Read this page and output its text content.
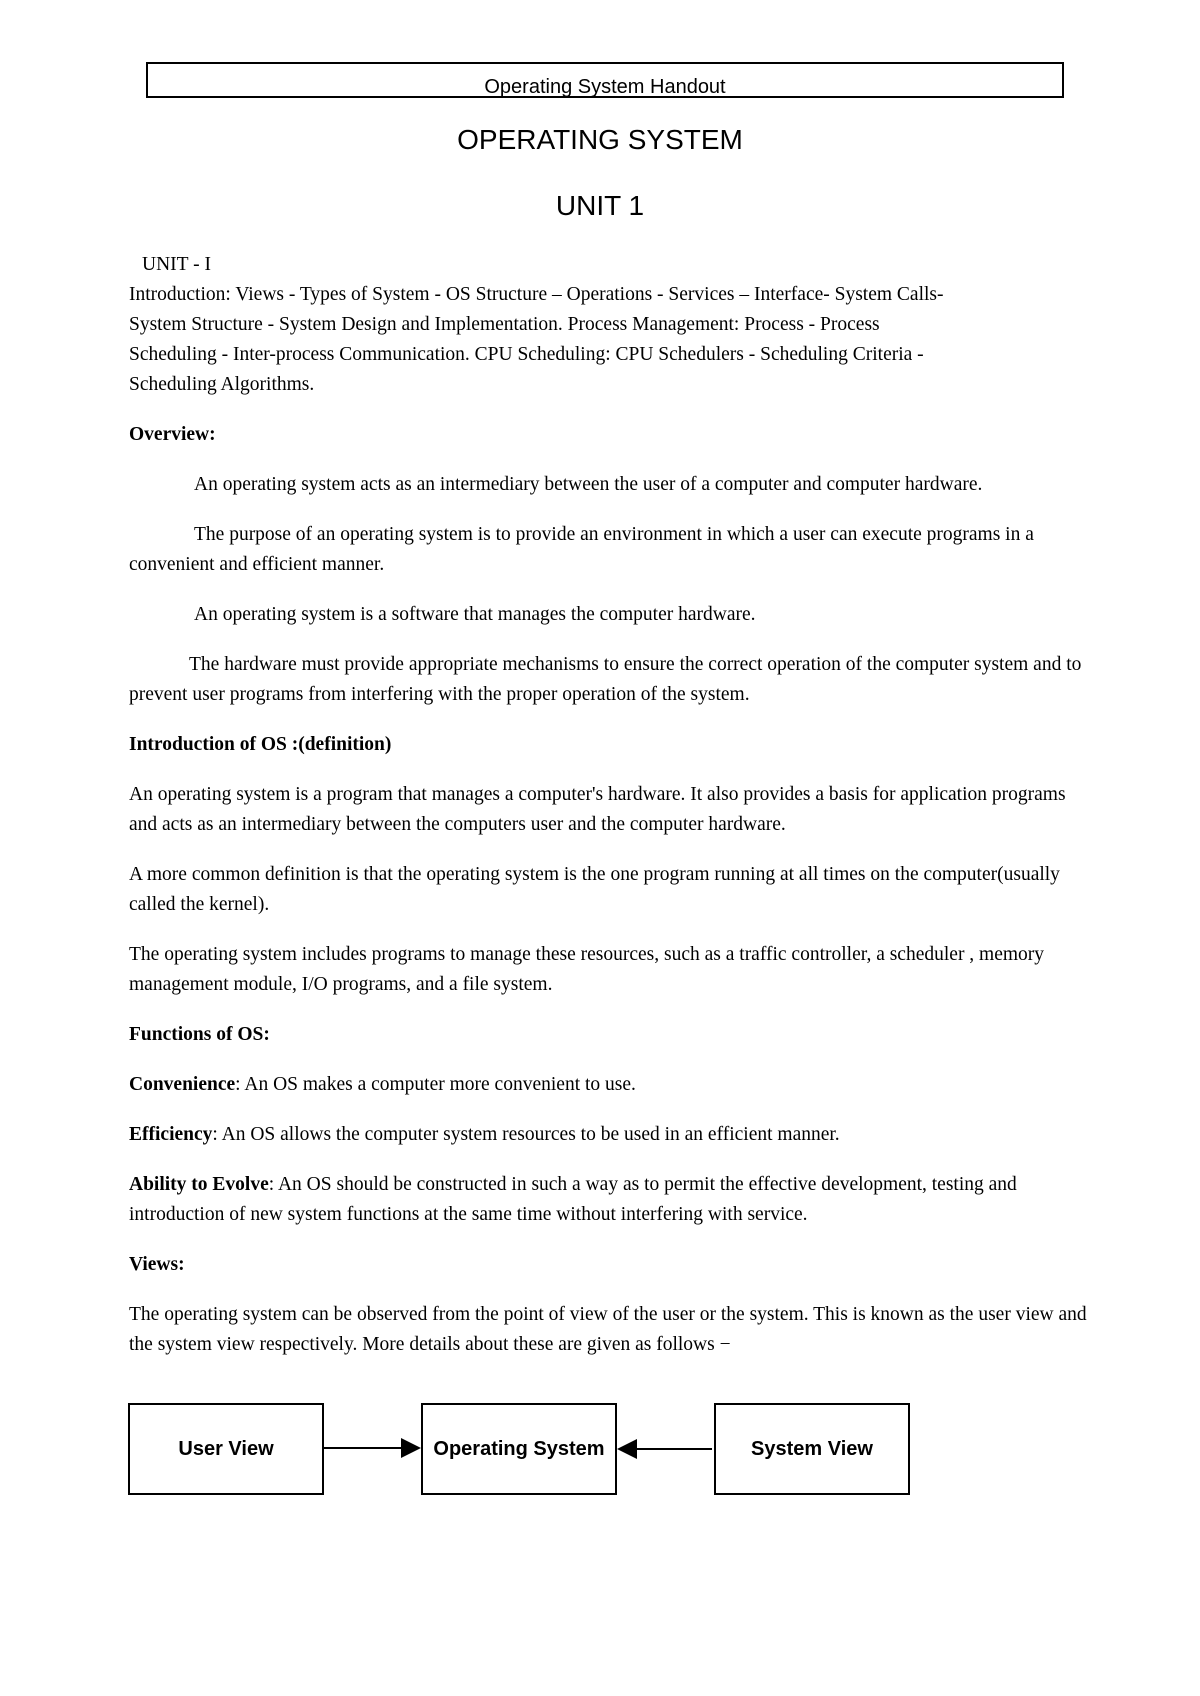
Operating System Handout
OPERATING SYSTEM
UNIT 1

UNIT - I

Introduction: Views - Types of System - OS Structure – Operations - Services – Interface- System Calls-

System Structure - System Design and Implementation. Process Management: Process - Process

Scheduling - Inter-process Communication. CPU Scheduling: CPU Schedulers - Scheduling Criteria -

Scheduling Algorithms.

Overview:

An operating system acts as an intermediary between the user of a computer and computer hardware.

The purpose of an operating system is to provide an environment in which a user can execute programs in a convenient and efficient manner.

An operating system is a software that manages the computer hardware.

The hardware must provide appropriate mechanisms to ensure the correct operation of the computer system and to prevent user programs from interfering with the proper operation of the system.

Introduction of OS :(definition)

An operating system is a program that manages a computer's hardware. It also provides a basis for application programs and acts as an intermediary between the computers user and the computer hardware.

A more common definition is that the operating system is the one program running at all times on the computer(usually called the kernel).

The operating system includes programs to manage these resources, such as a traffic controller, a scheduler , memory management module, I/O programs, and a file system.

Functions of OS:

Convenience: An OS makes a computer more convenient to use.

Efficiency: An OS allows the computer system resources to be used in an efficient manner.

Ability to Evolve: An OS should be constructed in such a way as to permit the effective development, testing and introduction of new system functions at the same time without interfering with service.

Views:

The operating system can be observed from the point of view of the user or the system. This is known as the user view and the system view respectively. More details about these are given as follows −

User View	Operating System	System View
